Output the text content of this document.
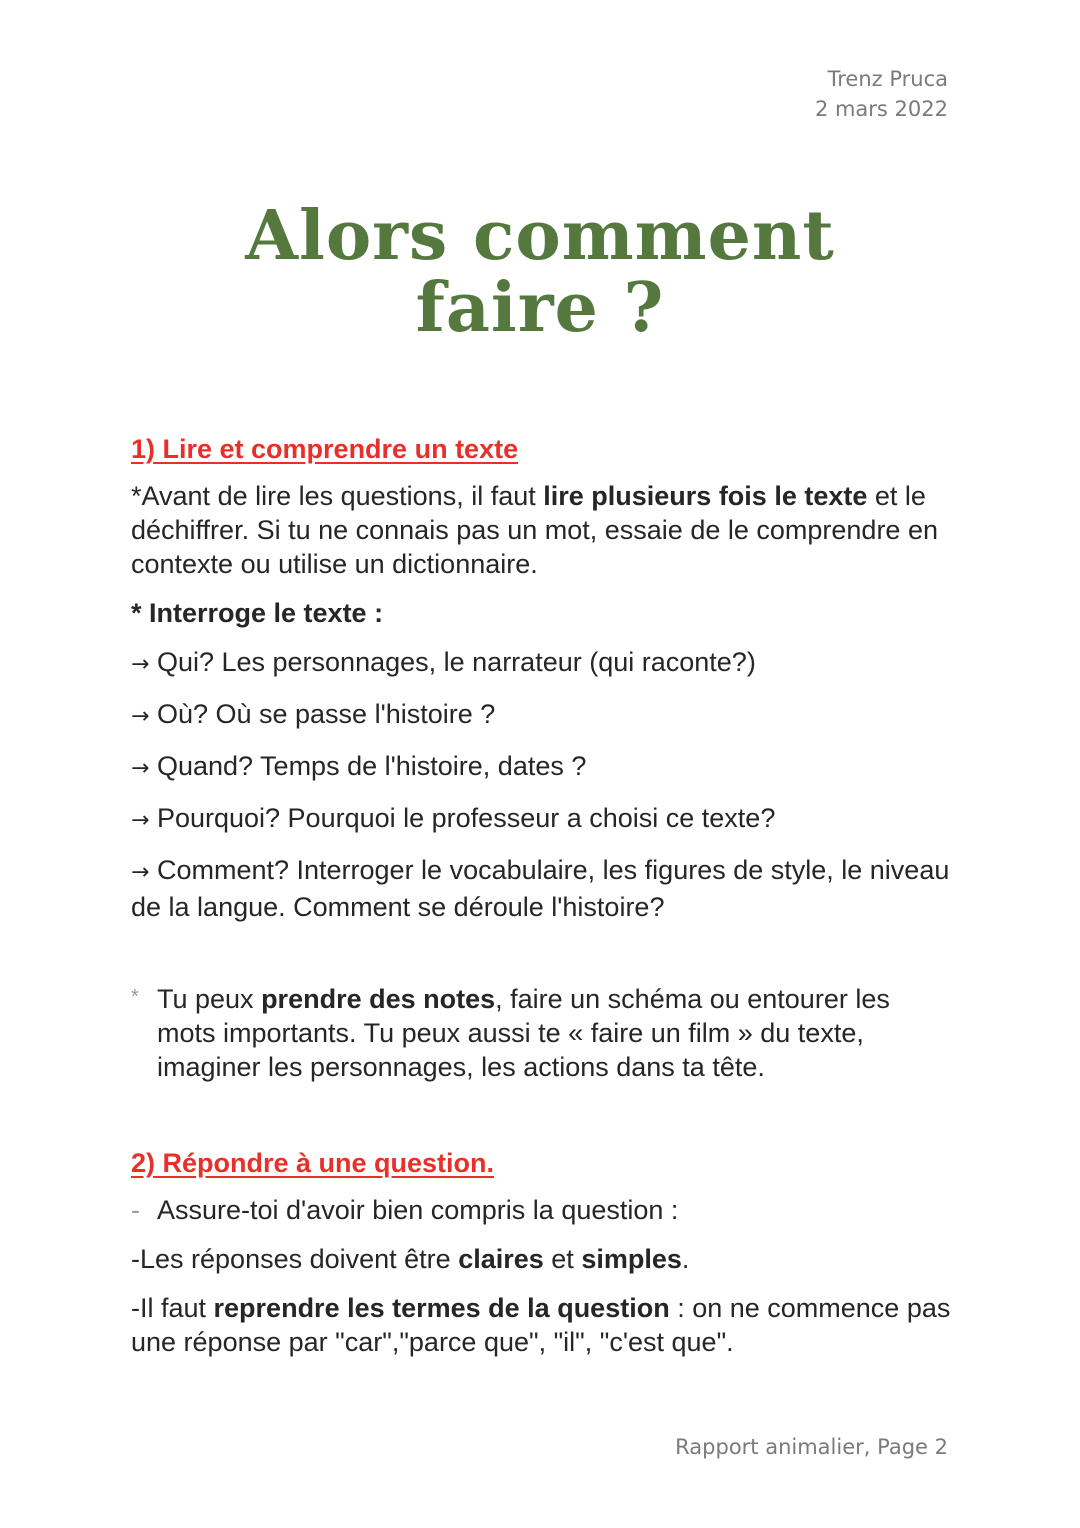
Trenz Pruca
2 mars 2022
Alors comment
faire ?
1) Lire et comprendre un texte

*Avant de lire les questions, il faut lire plusieurs fois le texte et le déchiffrer. Si tu ne connais pas un mot, essaie de le comprendre en contexte ou utilise un dictionnaire.

* Interroge le texte :

→ Qui? Les personnages, le narrateur (qui raconte?)
→ Où? Où se passe l'histoire ?
→ Quand? Temps de l'histoire, dates ?
→ Pourquoi? Pourquoi le professeur a choisi ce texte?
→ Comment? Interroger le vocabulaire, les figures de style, le niveau de la langue. Comment se déroule l'histoire?
* Tu peux prendre des notes, faire un schéma ou entourer les mots importants. Tu peux aussi te « faire un film » du texte, imaginer les personnages, les actions dans ta tête.
2) Répondre à une question.
- Assure-toi d'avoir bien compris la question :

-Les réponses doivent être claires et simples.

-Il faut reprendre les termes de la question : on ne commence pas une réponse par "car","parce que", "il", "c'est que".

Rapport animalier, Page 2
